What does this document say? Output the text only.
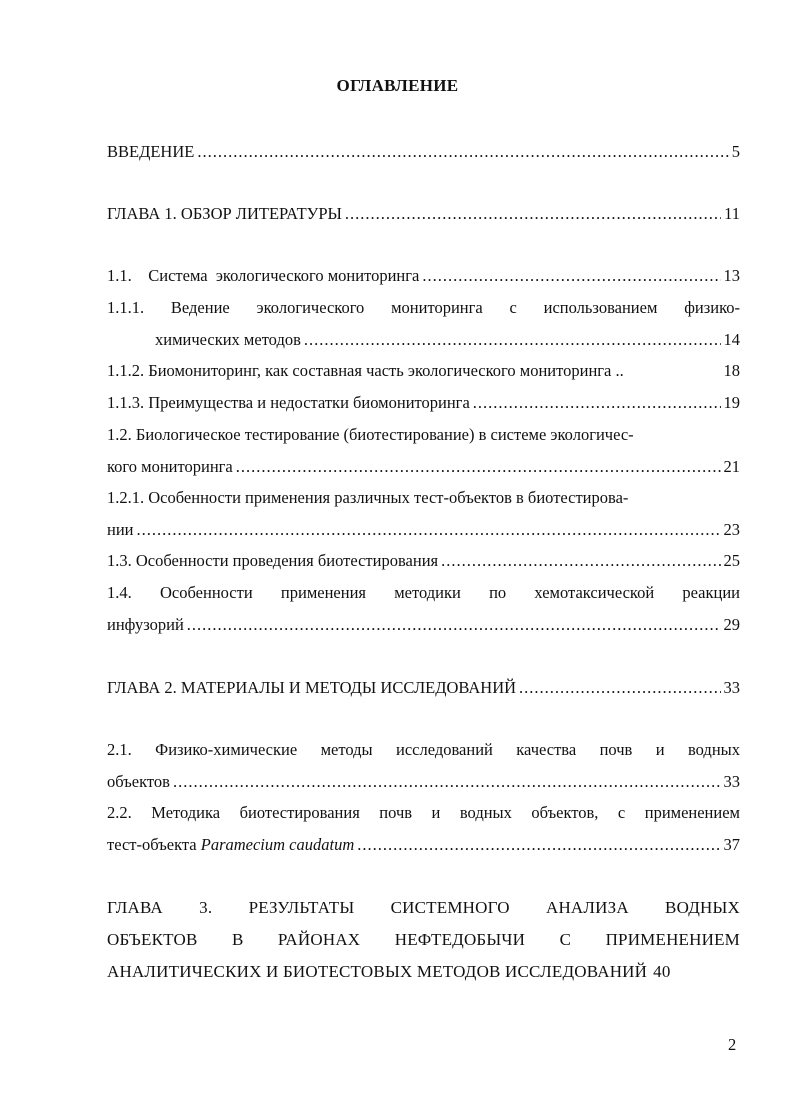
ОГЛАВЛЕНИЕ
ВВЕДЕНИЕ .....	5
ГЛАВА 1. ОБЗОР ЛИТЕРАТУРЫ .....	11
1.1.    Система  экологического мониторинга .....	13
1.1.1. Ведение экологического мониторинга с использованием физико-
химических методов .....	14
1.1.2. Биомониторинг, как составная часть экологического мониторинга ..	18
1.1.3. Преимущества и недостатки биомониторинга .....	19
1.2. Биологическое тестирование (биотестирование) в системе экологичес-
кого мониторинга .....	21
1.2.1. Особенности применения различных тест-объектов в биотестирова-
нии .....	23
1.3. Особенности проведения биотестирования .....	25
1.4. Особенности применения методики по хемотаксической реакции
инфузорий .....	29
ГЛАВА 2. МАТЕРИАЛЫ И МЕТОДЫ ИССЛЕДОВАНИЙ .....	33
2.1. Физико-химические методы исследований качества почв и водных
объектов .....	33
2.2. Методика биотестирования почв и водных объектов, с применением
тест-объекта Paramecium caudatum .....	37
ГЛАВА 3. РЕЗУЛЬТАТЫ СИСТЕМНОГО АНАЛИЗА ВОДНЫХ
ОБЪЕКТОВ В РАЙОНАХ НЕФТЕДОБЫЧИ С ПРИМЕНЕНИЕМ
АНАЛИТИЧЕСКИХ И БИОТЕСТОВЫХ МЕТОДОВ ИССЛЕДОВАНИЙ 40
2
